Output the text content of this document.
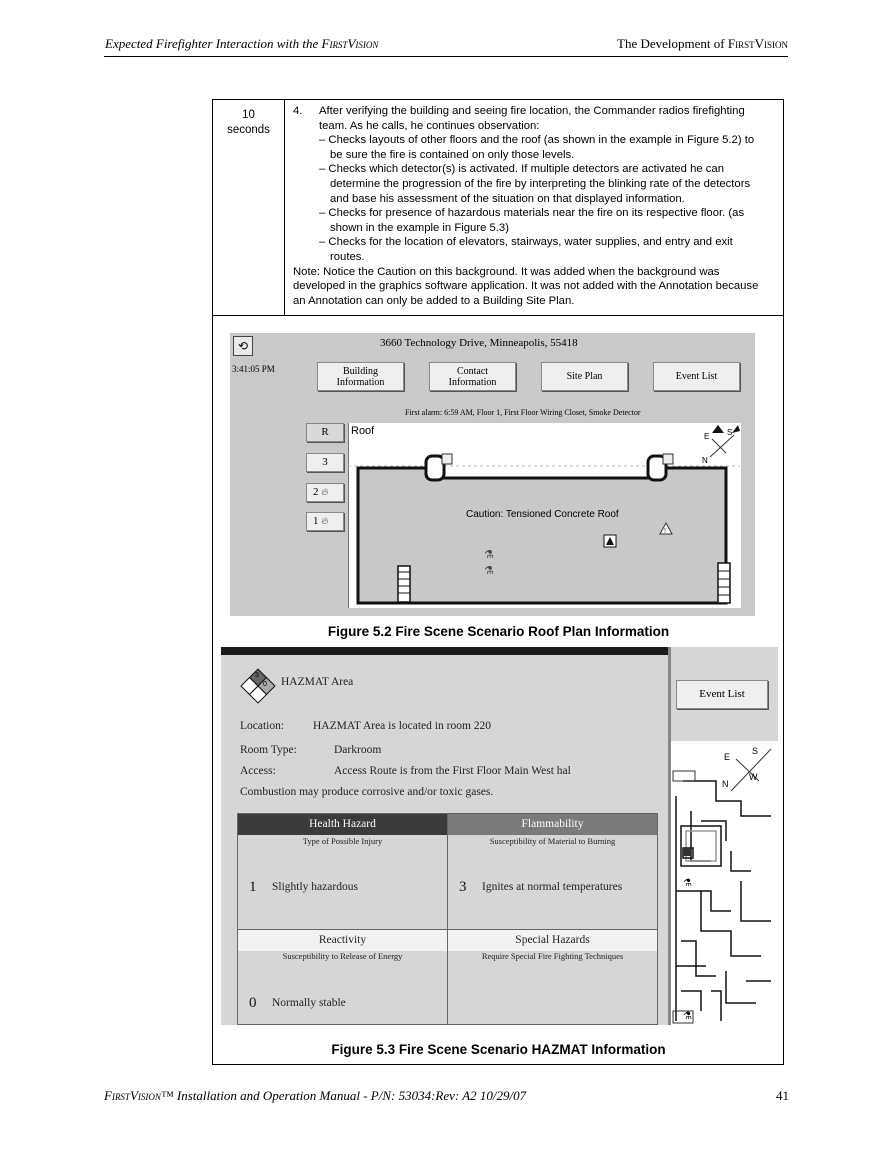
Expected Firefighter Interaction with the FirstVision	The Development of FirstVision
10
seconds

4. After verifying the building and seeing fire location, the Commander radios firefighting

team. As he calls, he continues observation:

– Checks layouts of other floors and the roof (as shown in the example in Figure 5.2) to

be sure the fire is contained on only those levels.

– Checks which detector(s) is activated. If multiple detectors are activated he can

determine the progression of the fire by interpreting the blinking rate of the detectors

and base his assessment of the situation on that displayed information.

– Checks for presence of hazardous materials near the fire on its respective floor. (as

shown in the example in Figure 5.3)

– Checks for the location of elevators, stairways, water supplies, and entry and exit

routes.

Note: Notice the Caution on this background. It was added when the background was

developed in the graphics software application. It was not added with the Annotation because

an Annotation can only be added to a Building Site Plan.

⟲
3:41:05 PM
3660 Technology Drive, Minneapolis, 55418
Building
Information
Contact
Information	Site Plan	Event List
First alarm: 6:59 AM, Floor 1, First Floor Wiring Closet, Smoke Detector
R
3
2 🔥︎
1 🔥︎
!
E S
N
⚗
⚗
Roof
Caution: Tensioned Concrete Roof
Figure 5.2 Fire Scene Scenario Roof Plan Information
3
1 0 HAZMAT Area
Location:	HAZMAT Area is located in room 220
Room Type:	Darkroom
Access:	Access Route is from the First Floor Main West hal
Combustion may produce corrosive and/or toxic gases.
Event List
E
S
N
W
⚗
⚗
Health Hazard	Flammability
Type of Possible Injury	Susceptibility of Material to Burning
1 Slightly hazardous	3 Ignites at normal temperatures
Reactivity	Special Hazards
Susceptibility to Release of Energy	Require Special Fire Fighting Techniques
0 Normally stable
Figure 5.3 Fire Scene Scenario HAZMAT Information
FirstVision™ Installation and Operation Manual - P/N: 53034:Rev: A2 10/29/07	41
